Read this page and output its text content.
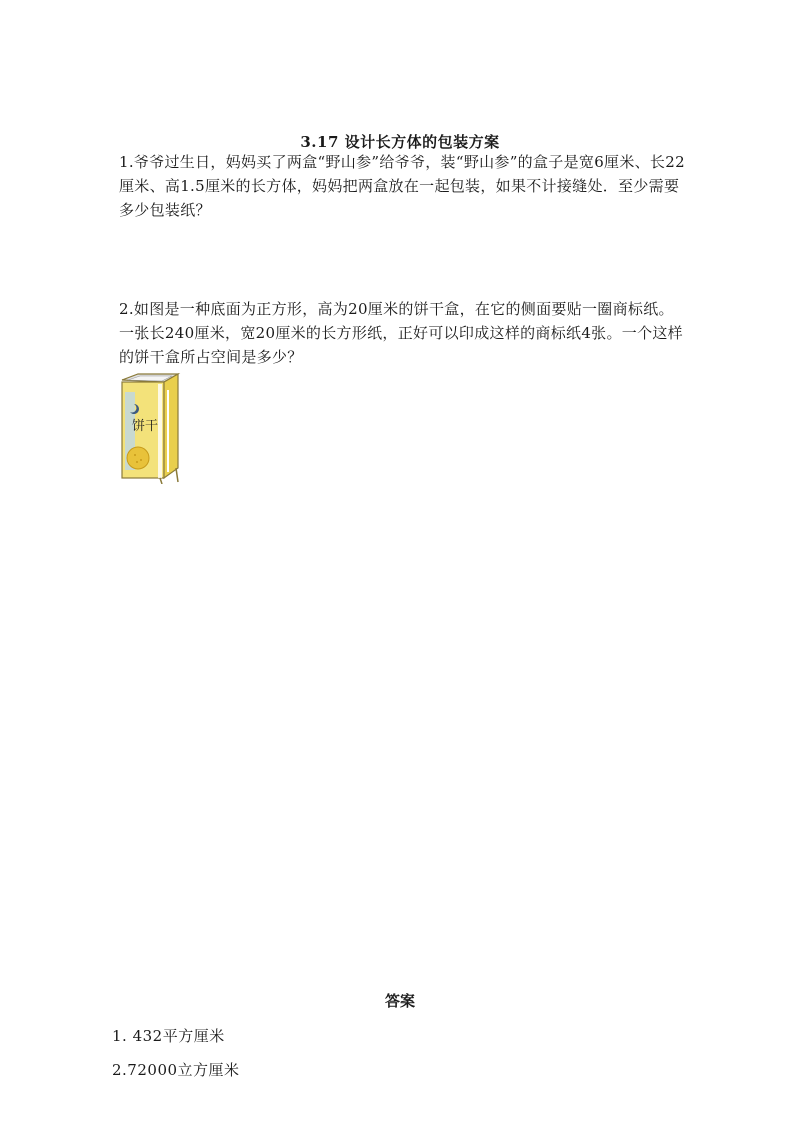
3.17 设计长方体的包装方案
1.爷爷过生日，妈妈买了两盒“野山参”给爷爷，装“野山参”的盒子是宽6厘米、长22厘米、高1.5厘米的长方体，妈妈把两盒放在一起包装，如果不计接缝处．至少需要多少包装纸？
2.如图是一种底面为正方形，高为20厘米的饼干盒，在它的侧面要贴一圈商标纸。一张长240厘米，宽20厘米的长方形纸，正好可以印成这样的商标纸4张。一个这样的饼干盒所占空间是多少？
饼干
答案
1. 432平方厘米
2.72000立方厘米
